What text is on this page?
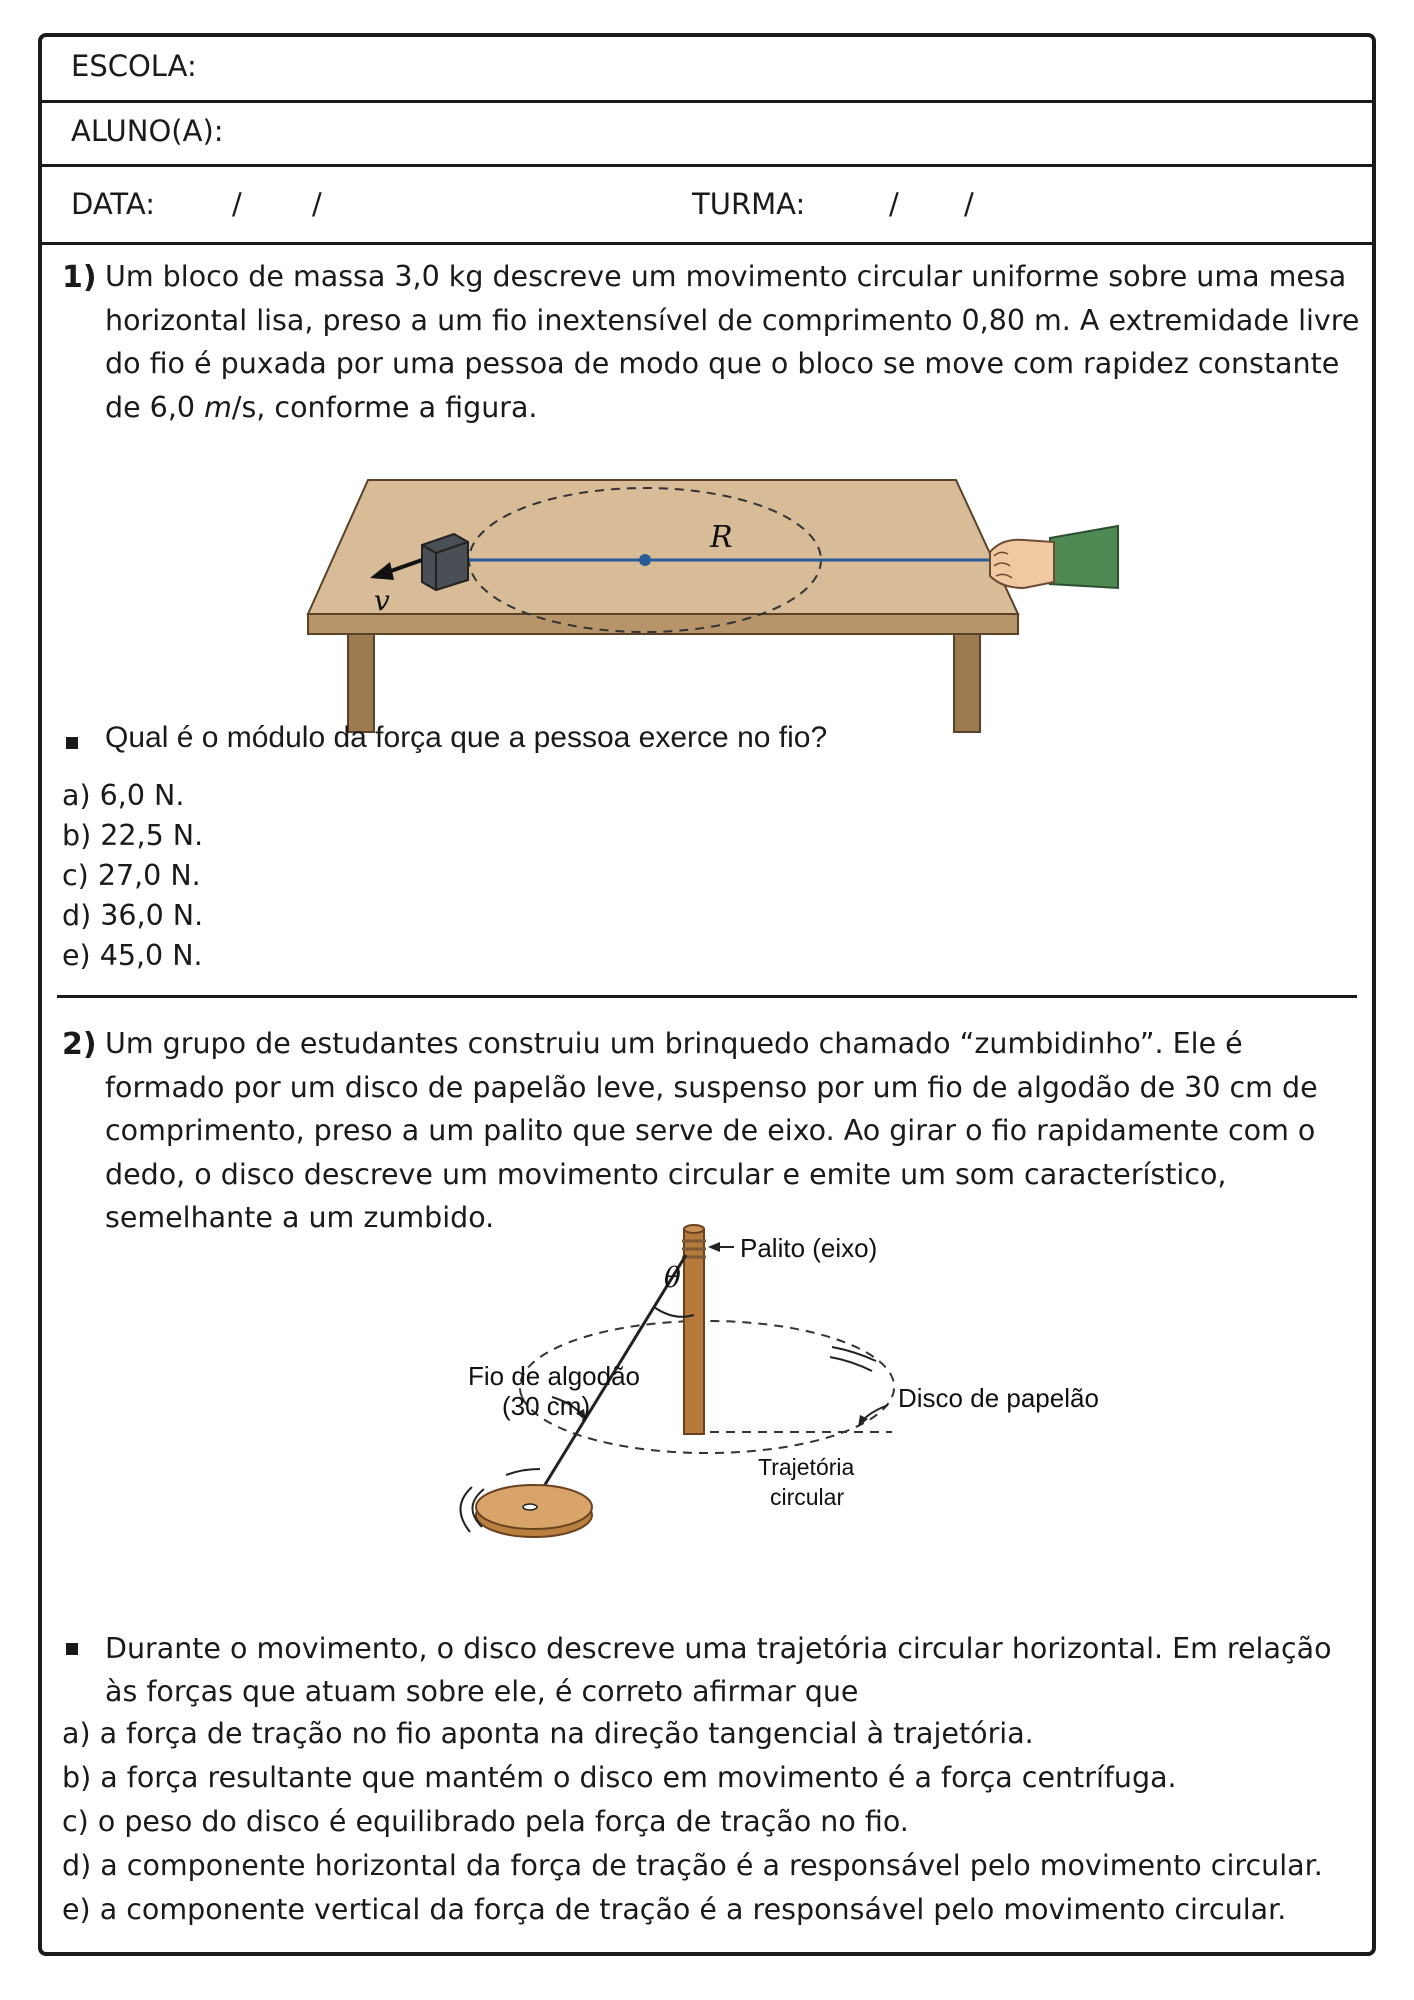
ESCOLA:
ALUNO(A):
DATA:	/ /	TURMA:	/ /
1) Um bloco de massa 3,0 kg descreve um movimento circular uniforme sobre uma mesa horizontal lisa, preso a um fio inextensível de comprimento 0,80 m. A extremidade livre do fio é puxada por uma pessoa de modo que o bloco se move com rapidez constante de 6,0 m/s, conforme a figura.

v
R
Qual é o módulo da força que a pessoa exerce no fio?
a) 6,0 N.
b) 22,5 N.
c) 27,0 N.
d) 36,0 N.
e) 45,0 N.
2) Um grupo de estudantes construiu um brinquedo chamado “zumbidinho”. Ele é formado por um disco de papelão leve, suspenso por um fio de algodão de 30 cm de comprimento, preso a um palito que serve de eixo. Ao girar o fio rapidamente com o dedo, o disco descreve um movimento circular e emite um som característico, semelhante a um zumbido.

θ
Palito (eixo)
Fio de algodão
(30 cm)	Disco de papelão
Trajetória
circular
Durante o movimento, o disco descreve uma trajetória circular horizontal. Em relação
às forças que atuam sobre ele, é correto afirmar que
a) a força de tração no fio aponta na direção tangencial à trajetória.
b) a força resultante que mantém o disco em movimento é a força centrífuga.
c) o peso do disco é equilibrado pela força de tração no fio.
d) a componente horizontal da força de tração é a responsável pelo movimento circular.
e) a componente vertical da força de tração é a responsável pelo movimento circular.
